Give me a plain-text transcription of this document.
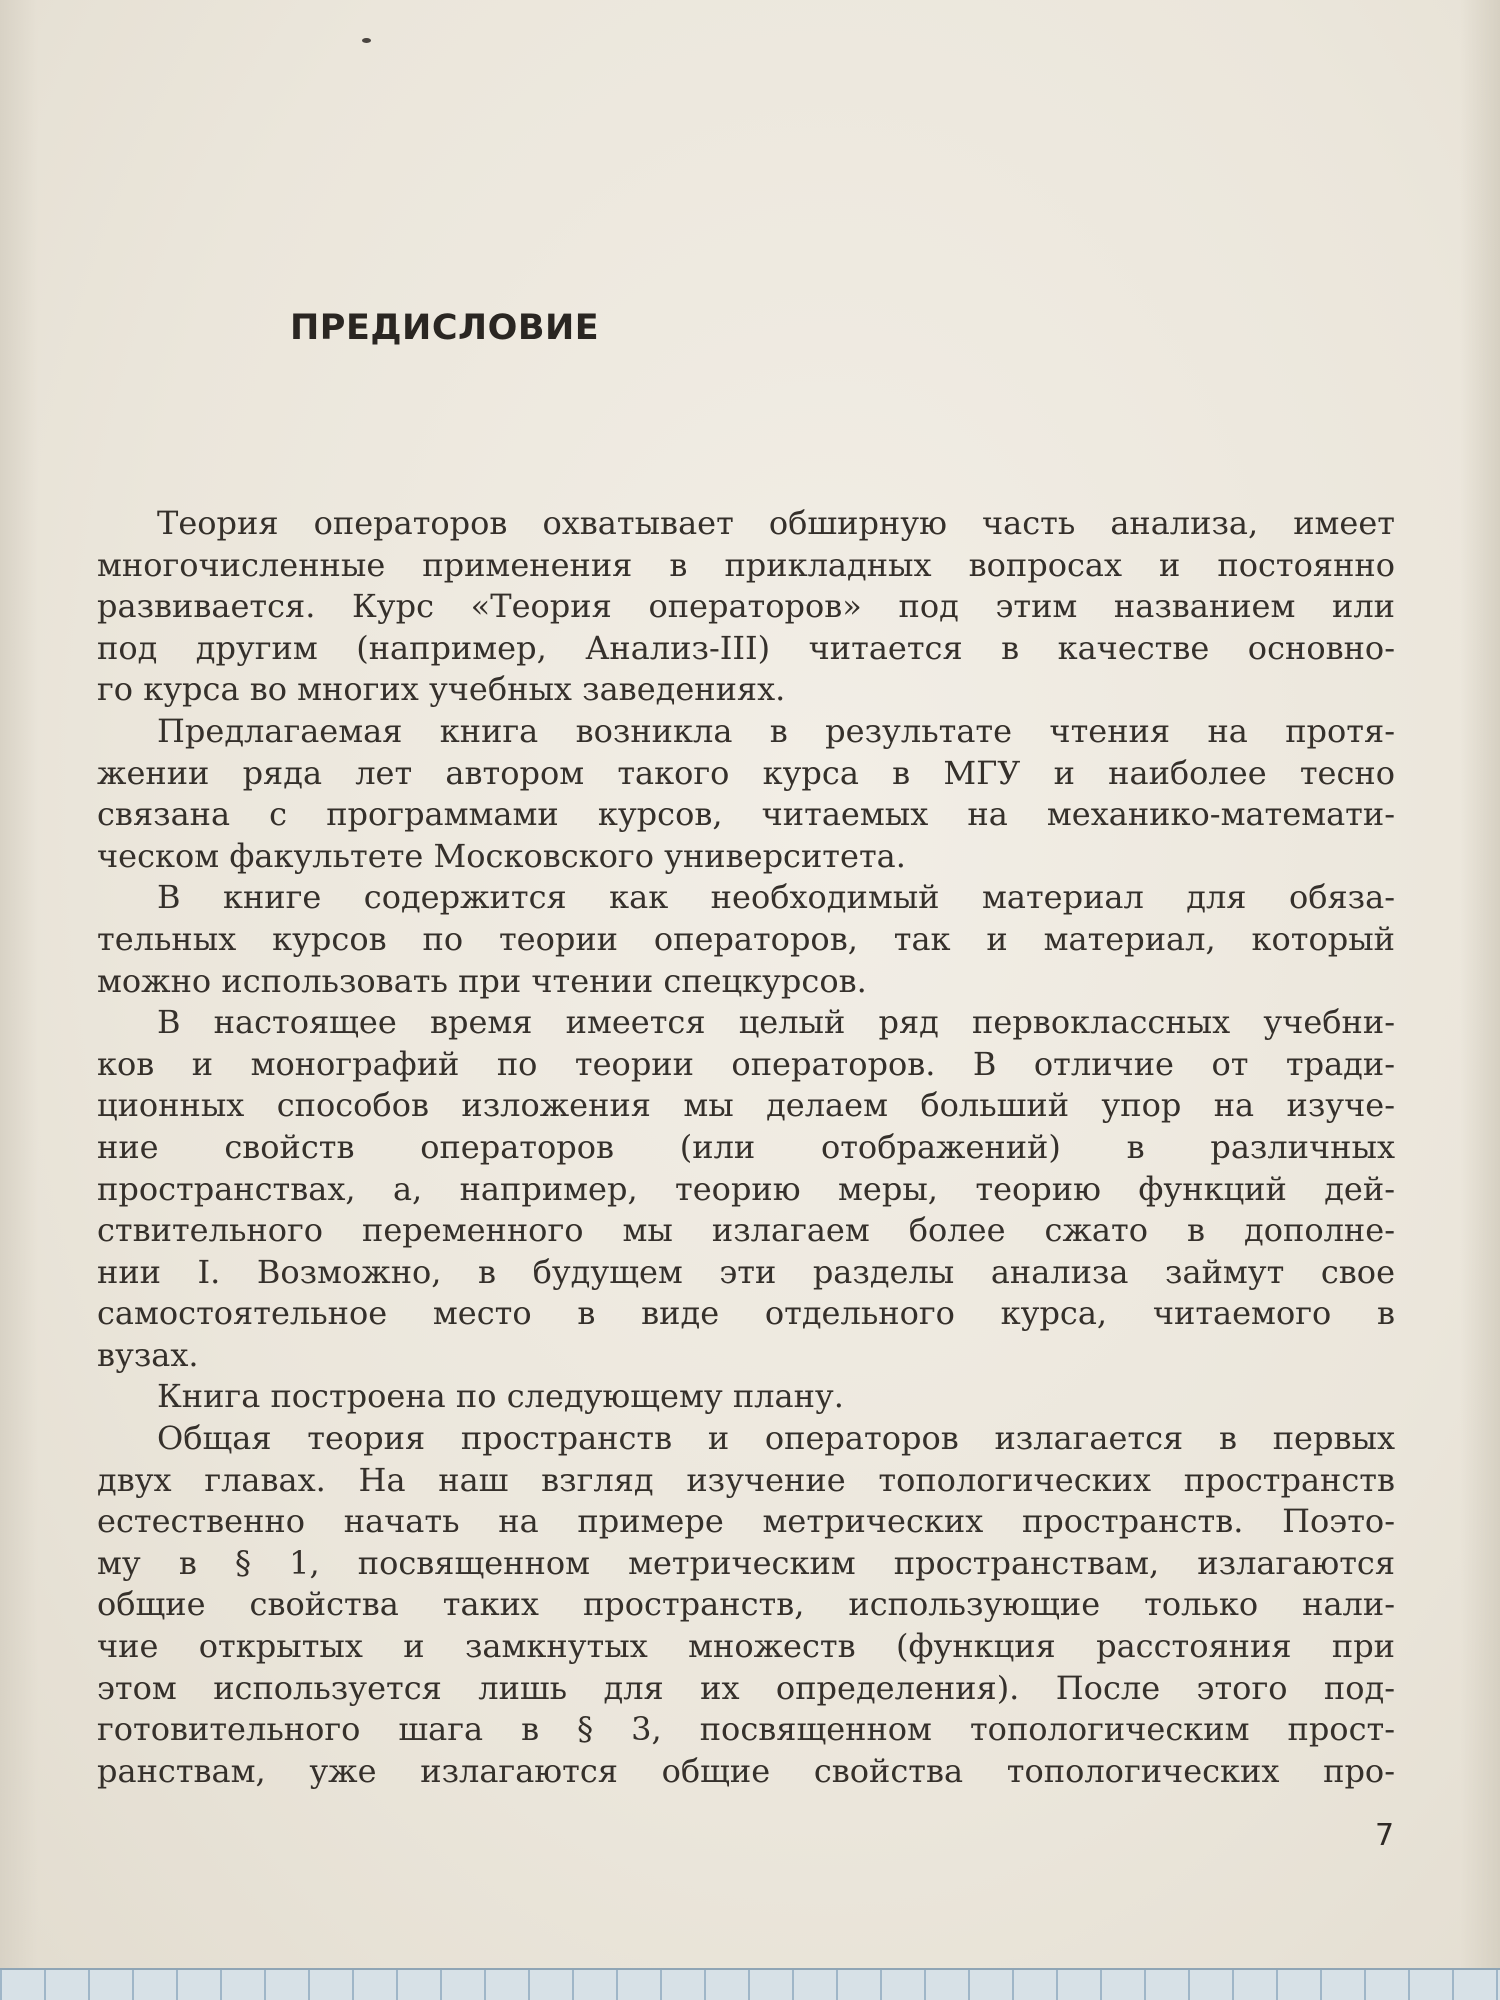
ПРЕДИСЛОВИЕ

Теория операторов охватывает обширную часть анализа, имеет
многочисленные применения в прикладных вопросах и постоянно
развивается. Курс «Теория операторов» под этим названием или
под другим (например, Анализ-III) читается в качестве основно-
го курса во многих учебных заведениях.

Предлагаемая книга возникла в результате чтения на протя-
жении ряда лет автором такого курса в МГУ и наиболее тесно
связана с программами курсов, читаемых на механико-математи-
ческом факультете Московского университета.

В книге содержится как необходимый материал для обяза-
тельных курсов по теории операторов, так и материал, который
можно использовать при чтении спецкурсов.

В настоящее время имеется целый ряд первоклассных учебни-
ков и монографий по теории операторов. В отличие от тради-
ционных способов изложения мы делаем больший упор на изуче-
ние свойств операторов (или отображений) в различных
пространствах, а, например, теорию меры, теорию функций дей-
ствительного переменного мы излагаем более сжато в дополне-
нии I. Возможно, в будущем эти разделы анализа займут свое
самостоятельное место в виде отдельного курса, читаемого в
вузах.

Книга построена по следующему плану.

Общая теория пространств и операторов излагается в первых
двух главах. На наш взгляд изучение топологических пространств
естественно начать на примере метрических пространств. Поэто-
му в § 1, посвященном метрическим пространствам, излагаются
общие свойства таких пространств, использующие только нали-
чие открытых и замкнутых множеств (функция расстояния при
этом используется лишь для их определения). После этого под-
готовительного шага в § 3, посвященном топологическим прост-
ранствам, уже излагаются общие свойства топологических про-

7
